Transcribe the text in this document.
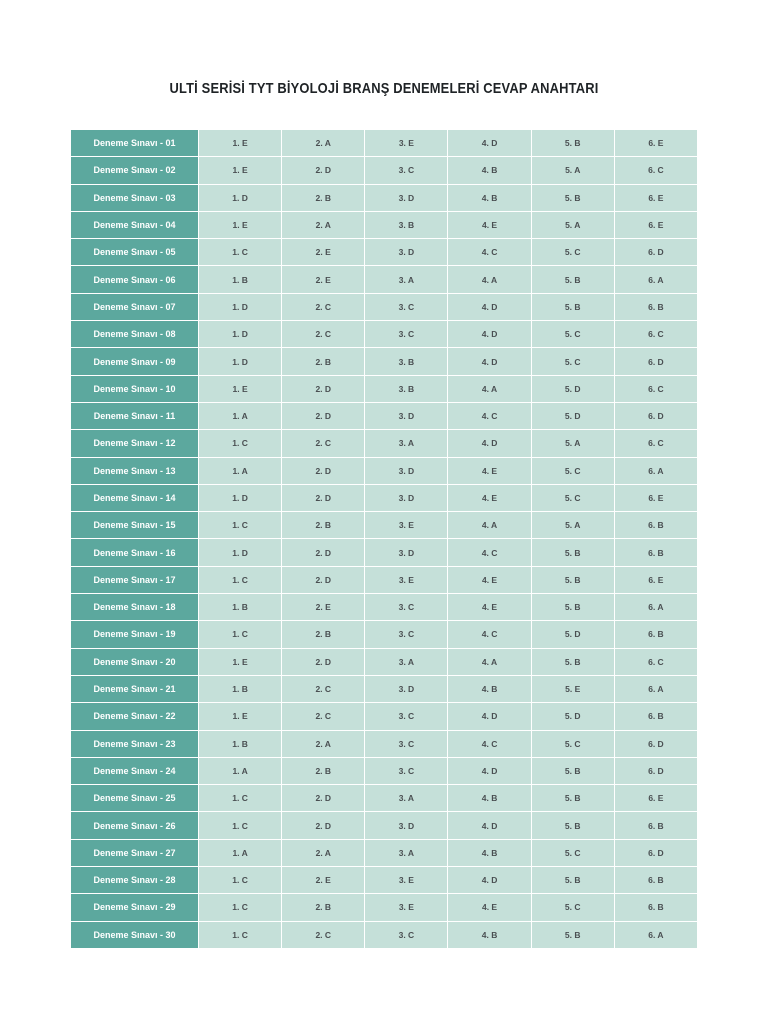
ULTİ SERİSİ TYT BİYOLOJİ BRANŞ DENEMELERİ CEVAP ANAHTARI
Deneme Sınavı - 01	1. E	2. A	3. E	4. D	5. B	6. E
Deneme Sınavı - 02	1. E	2. D	3. C	4. B	5. A	6. C
Deneme Sınavı - 03	1. D	2. B	3. D	4. B	5. B	6. E
Deneme Sınavı - 04	1. E	2. A	3. B	4. E	5. A	6. E
Deneme Sınavı - 05	1. C	2. E	3. D	4. C	5. C	6. D
Deneme Sınavı - 06	1. B	2. E	3. A	4. A	5. B	6. A
Deneme Sınavı - 07	1. D	2. C	3. C	4. D	5. B	6. B
Deneme Sınavı - 08	1. D	2. C	3. C	4. D	5. C	6. C
Deneme Sınavı - 09	1. D	2. B	3. B	4. D	5. C	6. D
Deneme Sınavı - 10	1. E	2. D	3. B	4. A	5. D	6. C
Deneme Sınavı - 11	1. A	2. D	3. D	4. C	5. D	6. D
Deneme Sınavı - 12	1. C	2. C	3. A	4. D	5. A	6. C
Deneme Sınavı - 13	1. A	2. D	3. D	4. E	5. C	6. A
Deneme Sınavı - 14	1. D	2. D	3. D	4. E	5. C	6. E
Deneme Sınavı - 15	1. C	2. B	3. E	4. A	5. A	6. B
Deneme Sınavı - 16	1. D	2. D	3. D	4. C	5. B	6. B
Deneme Sınavı - 17	1. C	2. D	3. E	4. E	5. B	6. E
Deneme Sınavı - 18	1. B	2. E	3. C	4. E	5. B	6. A
Deneme Sınavı - 19	1. C	2. B	3. C	4. C	5. D	6. B
Deneme Sınavı - 20	1. E	2. D	3. A	4. A	5. B	6. C
Deneme Sınavı - 21	1. B	2. C	3. D	4. B	5. E	6. A
Deneme Sınavı - 22	1. E	2. C	3. C	4. D	5. D	6. B
Deneme Sınavı - 23	1. B	2. A	3. C	4. C	5. C	6. D
Deneme Sınavı - 24	1. A	2. B	3. C	4. D	5. B	6. D
Deneme Sınavı - 25	1. C	2. D	3. A	4. B	5. B	6. E
Deneme Sınavı - 26	1. C	2. D	3. D	4. D	5. B	6. B
Deneme Sınavı - 27	1. A	2. A	3. A	4. B	5. C	6. D
Deneme Sınavı - 28	1. C	2. E	3. E	4. D	5. B	6. B
Deneme Sınavı - 29	1. C	2. B	3. E	4. E	5. C	6. B
Deneme Sınavı - 30	1. C	2. C	3. C	4. B	5. B	6. A
